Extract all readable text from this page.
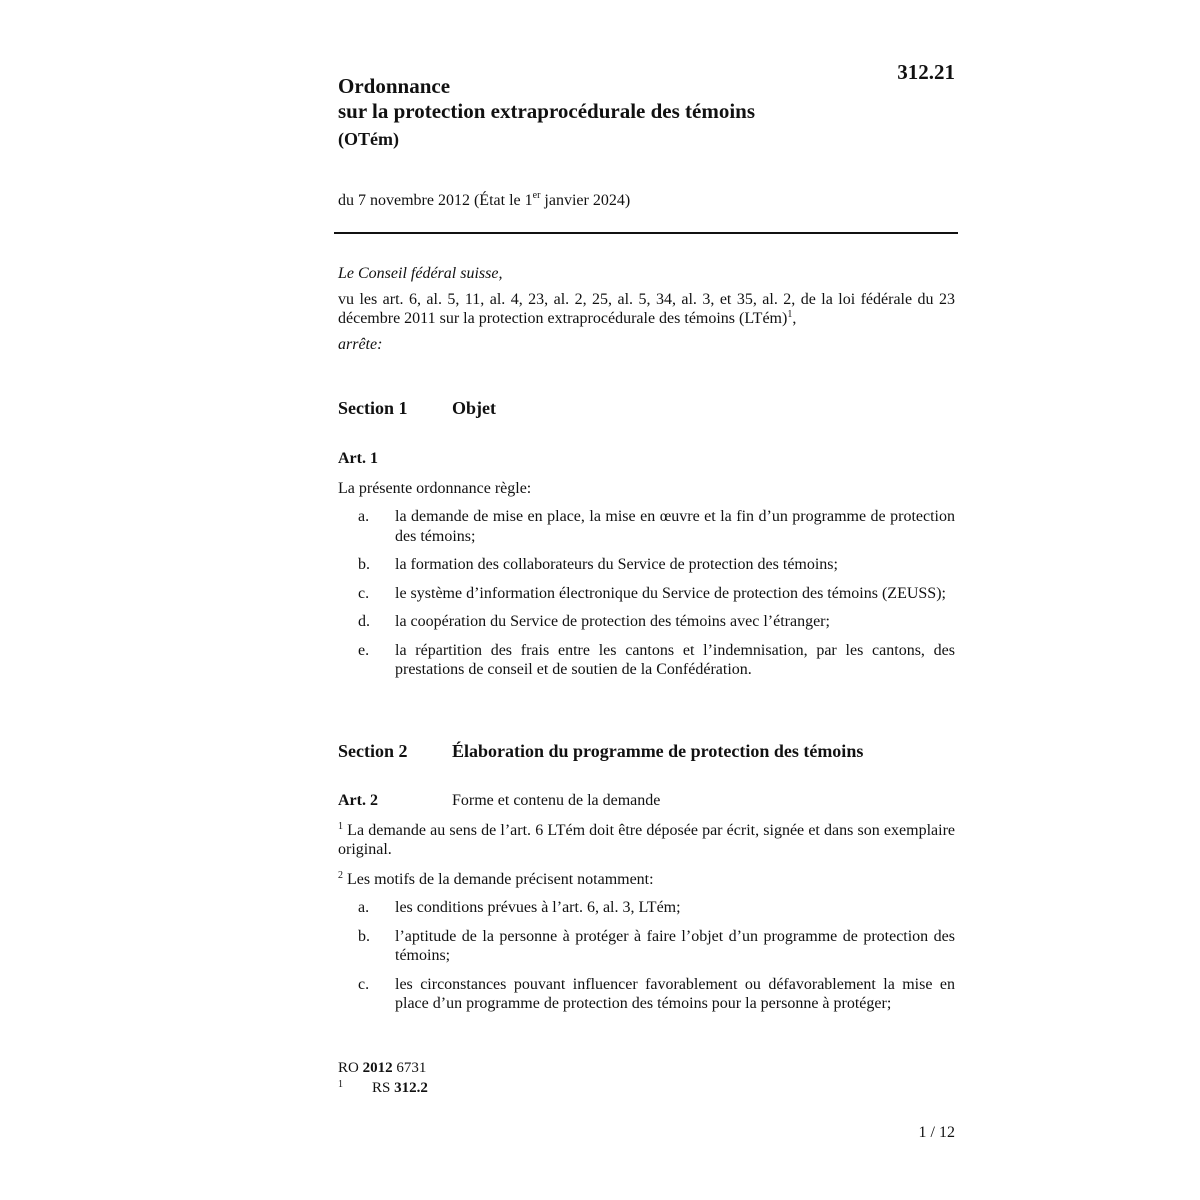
312.21
Ordonnance
sur la protection extraprocédurale des témoins
(OTém)
du 7 novembre 2012 (État le 1er janvier 2024)
Le Conseil fédéral suisse,
vu les art. 6, al. 5, 11, al. 4, 23, al. 2, 25, al. 5, 34, al. 3, et 35, al. 2, de la loi fédérale du 23 décembre 2011 sur la protection extraprocédurale des témoins (LTém)$^1$,
arrête:
Section 1 Objet
Art. 1
La présente ordonnance règle:
a.	la demande de mise en place, la mise en œuvre et la fin d’un programme de protection des témoins;
b.	la formation des collaborateurs du Service de protection des témoins;
c.	le système d’information électronique du Service de protection des témoins (ZEUSS);
d.	la coopération du Service de protection des témoins avec l’étranger;
e.	la répartition des frais entre les cantons et l’indemnisation, par les cantons, des prestations de conseil et de soutien de la Confédération.
Section 2 Élaboration du programme de protection des témoins
Art. 2	Forme et contenu de la demande
$^1$ La demande au sens de l’art. 6 LTém doit être déposée par écrit, signée et dans son exemplaire original.
$^2$ Les motifs de la demande précisent notamment:
a.	les conditions prévues à l’art. 6, al. 3, LTém;
b.	l’aptitude de la personne à protéger à faire l’objet d’un programme de protection des témoins;
c.	les circonstances pouvant influencer favorablement ou défavorablement la mise en place d’un programme de protection des témoins pour la personne à protéger;
RO 2012 6731
1	RS 312.2
1 / 12
